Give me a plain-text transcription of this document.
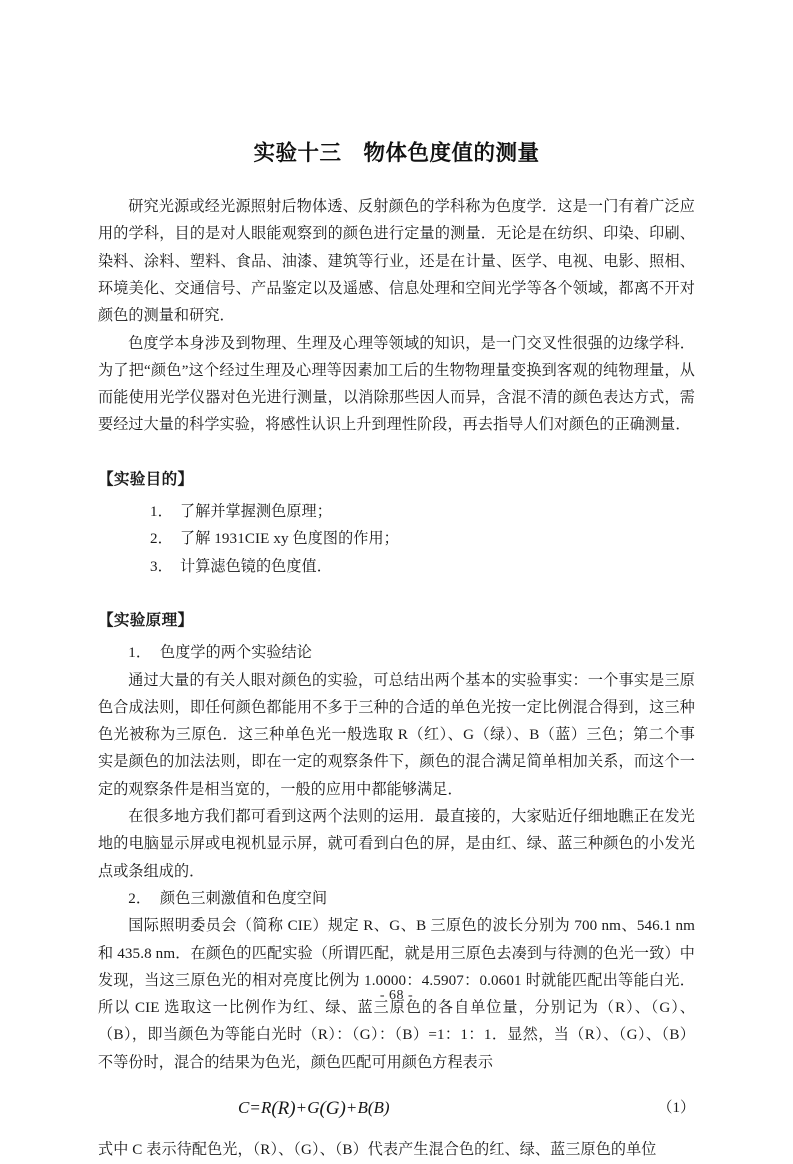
实验十三　物体色度值的测量

研究光源或经光源照射后物体透、反射颜色的学科称为色度学．这是一门有着广泛应用的学科，目的是对人眼能观察到的颜色进行定量的测量．无论是在纺织、印染、印刷、染料、涂料、塑料、食品、油漆、建筑等行业，还是在计量、医学、电视、电影、照相、环境美化、交通信号、产品鉴定以及遥感、信息处理和空间光学等各个领域，都离不开对颜色的测量和研究．

色度学本身涉及到物理、生理及心理等领域的知识，是一门交叉性很强的边缘学科．为了把“颜色”这个经过生理及心理等因素加工后的生物物理量变换到客观的纯物理量，从而能使用光学仪器对色光进行测量，以消除那些因人而异，含混不清的颜色表达方式，需要经过大量的科学实验，将感性认识上升到理性阶段，再去指导人们对颜色的正确测量．

【实验目的】
1． 了解并掌握测色原理；
2． 了解 1931CIE xy 色度图的作用；
3． 计算滤色镜的色度值．
【实验原理】

1． 色度学的两个实验结论

通过大量的有关人眼对颜色的实验，可总结出两个基本的实验事实：一个事实是三原色合成法则，即任何颜色都能用不多于三种的合适的单色光按一定比例混合得到，这三种色光被称为三原色．这三种单色光一般选取 R（红）、G（绿）、B（蓝）三色；第二个事实是颜色的加法法则，即在一定的观察条件下，颜色的混合满足简单相加关系，而这个一定的观察条件是相当宽的，一般的应用中都能够满足．

在很多地方我们都可看到这两个法则的运用．最直接的，大家贴近仔细地瞧正在发光地的电脑显示屏或电视机显示屏，就可看到白色的屏，是由红、绿、蓝三种颜色的小发光点或条组成的．

2． 颜色三刺激值和色度空间

国际照明委员会（简称 CIE）规定 R、G、B 三原色的波长分别为 700 nm、546.1 nm 和 435.8 nm．在颜色的匹配实验（所谓匹配，就是用三原色去凑到与待测的色光一致）中发现，当这三原色光的相对亮度比例为 1.0000：4.5907：0.0601 时就能匹配出等能白光．所以 CIE 选取这一比例作为红、绿、蓝三原色的各自单位量，分别记为（R）、（G）、（B），即当颜色为等能白光时（R）：（G）：（B）=1：1：1．显然，当（R）、（G）、（B）不等份时，混合的结果为色光，颜色匹配可用颜色方程表示

C=R(R)+G(G)+B(B)	（1）

式中 C 表示待配色光，（R）、（G）、（B）代表产生混合色的红、绿、蓝三原色的单位

- 68 -
